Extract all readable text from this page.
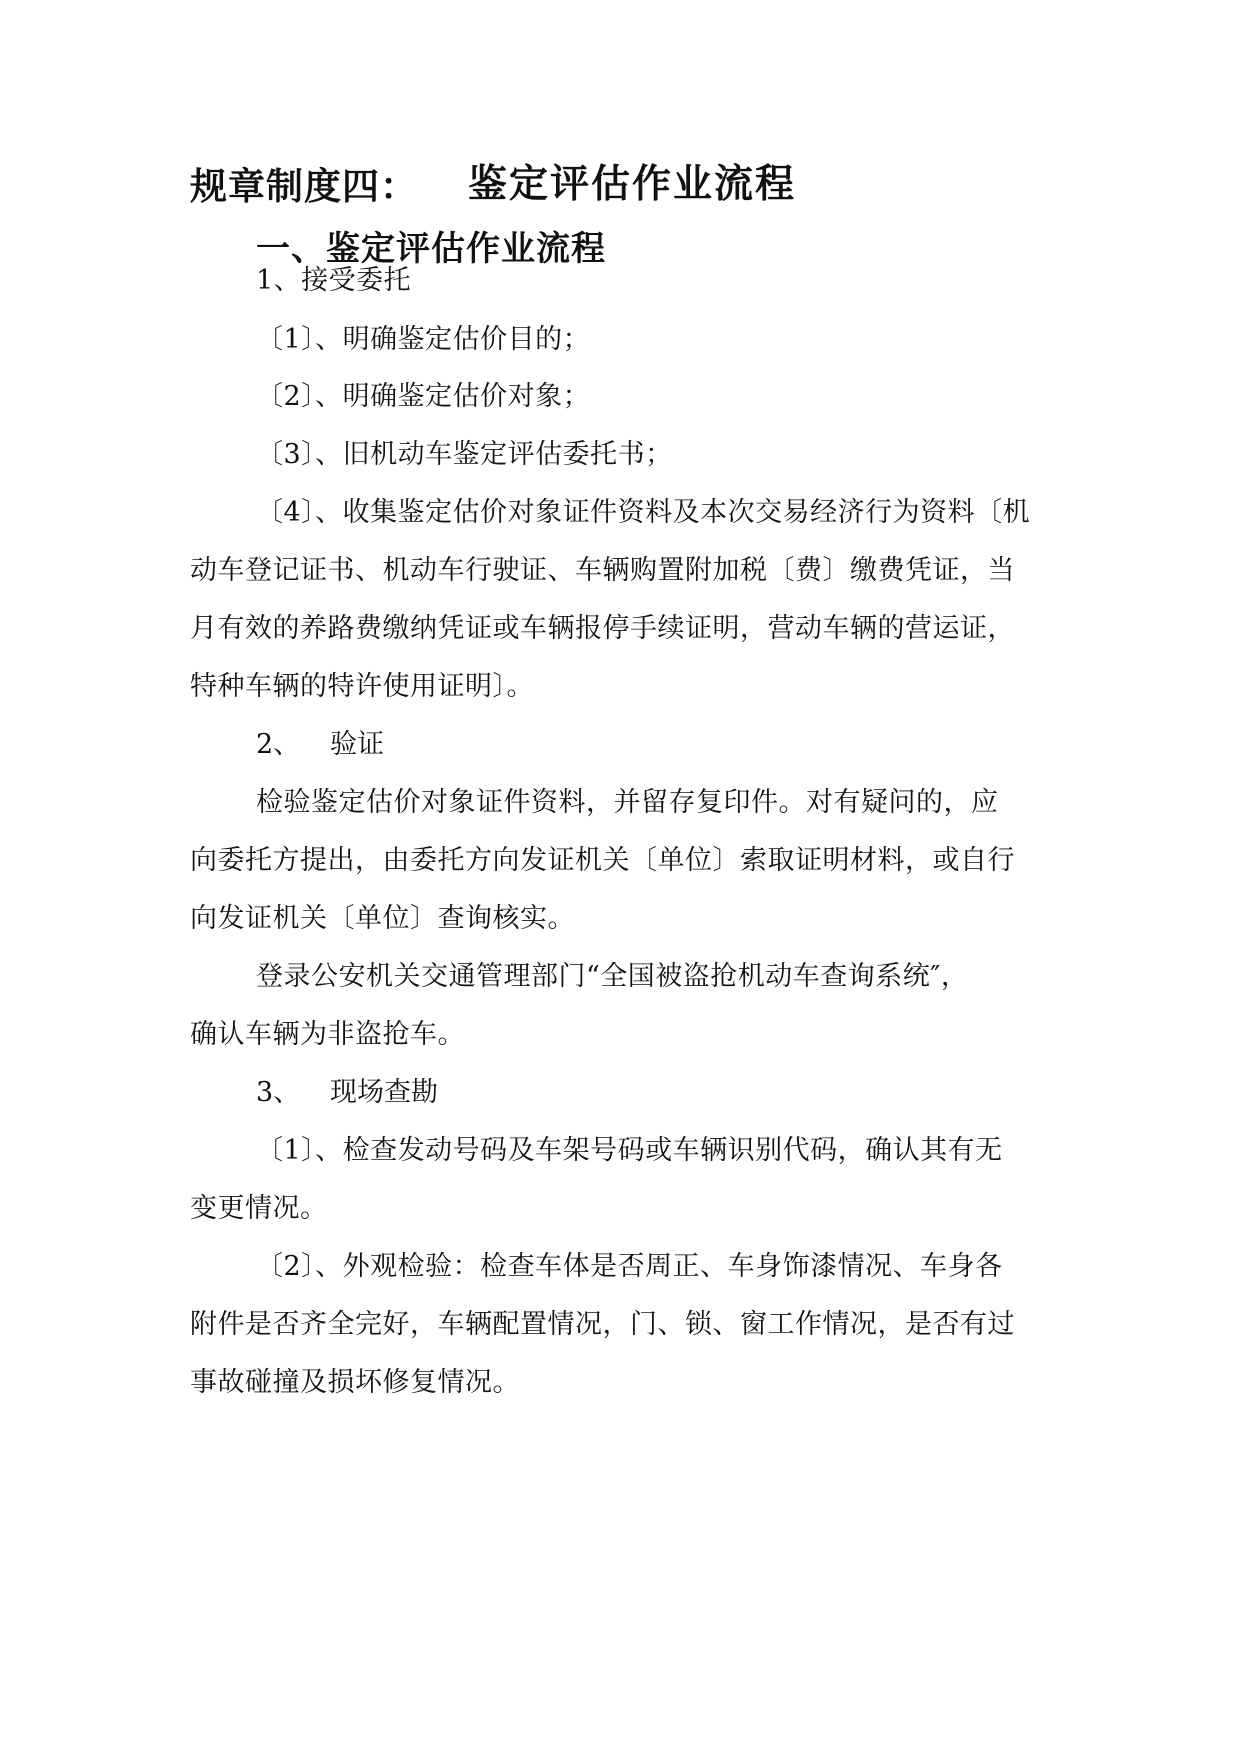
规章制度四： 鉴定评估作业流程
一、鉴定评估作业流程

1、接受委托

〔1〕、明确鉴定估价目的；

〔2〕、明确鉴定估价对象；

〔3〕、旧机动车鉴定评估委托书；

〔4〕、收集鉴定估价对象证件资料及本次交易经济行为资料〔机

动车登记证书、机动车行驶证、车辆购置附加税〔费〕缴费凭证，当

月有效的养路费缴纳凭证或车辆报停手续证明，营动车辆的营运证，

特种车辆的特许使用证明〕。

2、	验证

检验鉴定估价对象证件资料，并留存复印件。对有疑问的，应

向委托方提出，由委托方向发证机关〔单位〕索取证明材料，或自行

向发证机关〔单位〕查询核实。

登录公安机关交通管理部门“全国被盗抢机动车查询系统″，

确认车辆为非盗抢车。

3、	现场查勘

〔1〕、检查发动号码及车架号码或车辆识别代码，确认其有无

变更情况。

〔2〕、外观检验：检查车体是否周正、车身饰漆情况、车身各

附件是否齐全完好，车辆配置情况，门、锁、窗工作情况，是否有过

事故碰撞及损坏修复情况。
